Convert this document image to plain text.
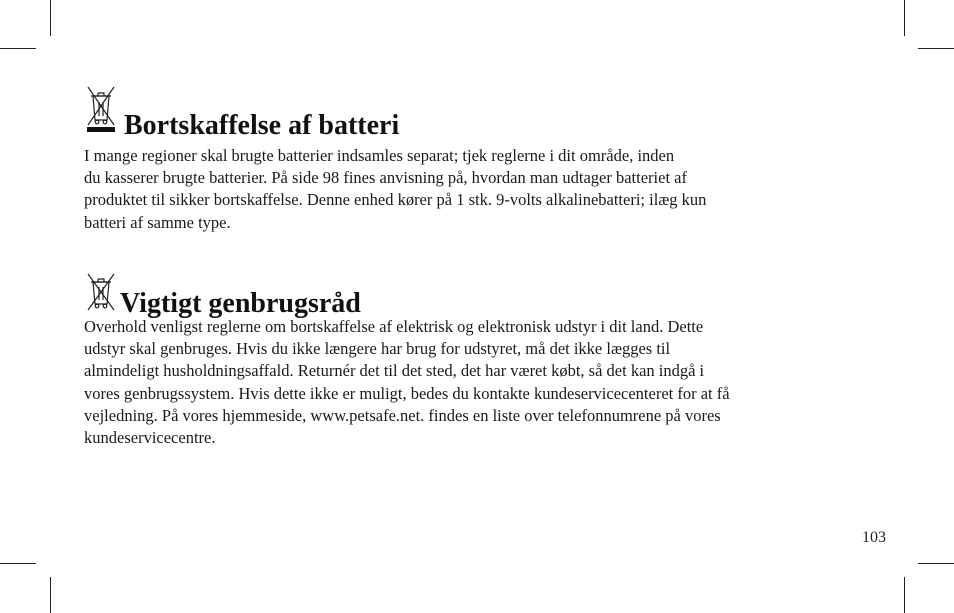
Bortskaffelse af batteri

I mange regioner skal brugte batterier indsamles separat; tjek reglerne i dit område, inden
du kasserer brugte batterier. På side 98 fines anvisning på, hvordan man udtager batteriet af
produktet til sikker bortskaffelse. Denne enhed kører på 1 stk. 9-volts alkalinebatteri; ilæg kun
batteri af samme type.

Vigtigt genbrugsråd

Overhold venligst reglerne om bortskaffelse af elektrisk og elektronisk udstyr i dit land. Dette
udstyr skal genbruges. Hvis du ikke længere har brug for udstyret, må det ikke lægges til
almindeligt husholdningsaffald. Returnér det til det sted, det har været købt, så det kan indgå i
vores genbrugssystem. Hvis dette ikke er muligt, bedes du kontakte kundeservicecenteret for at få
vejledning. På vores hjemmeside, www.petsafe.net. findes en liste over telefonnumrene på vores
kundeservicecentre.

103
